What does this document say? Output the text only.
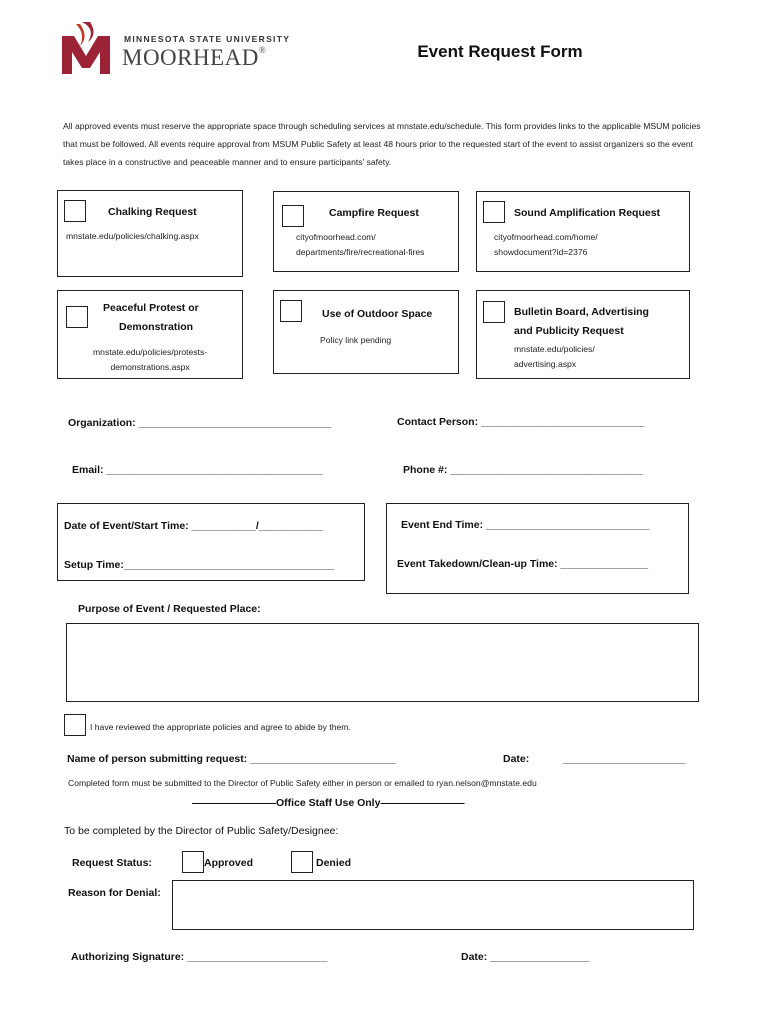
MINNESOTA STATE UNIVERSITY
MOORHEAD®	Event Request Form
All approved events must reserve the appropriate space through scheduling services at mnstate.edu/schedule. This form provides links to the applicable MSUM policies that must be followed. All events require approval from MSUM Public Safety at least 48 hours prior to the requested start of the event to assist organizers so the event takes place in a constructive and peaceable manner and to ensure participants' safety.
Chalking Request
mnstate.edu/policies/chalking.aspx
Campfire Request
cityofmoorhead.com/
departments/fire/recreational-fires
Sound Amplification Request
cityofmoorhead.com/home/
showdocument?id=2376
Peaceful Protest or
Demonstration
mnstate.edu/policies/protests-
demonstrations.aspx
Use of Outdoor Space
Policy link pending
Bulletin Board, Advertising
and Publicity Request
mnstate.edu/policies/
advertising.aspx
Organization: _________________________________	Contact Person: ____________________________
Email: _____________________________________	Phone #: _________________________________
Date of Event/Start Time: ___________/___________
Setup Time:____________________________________
Event End Time: ____________________________
Event Takedown/Clean-up Time: _______________
Purpose of Event / Requested Place:
I have reviewed the appropriate policies and agree to abide by them.
Name of person submitting request: _________________________	Date:	_____________________
Completed form must be submitted to the Director of Public Safety either in person or emailed to ryan.nelson@mnstate.edu
————————Office Staff Use Only————————
To be completed by the Director of Public Safety/Designee:
Request Status:	Approved	Denied
Reason for Denial:
Authorizing Signature: ________________________	Date: _________________
